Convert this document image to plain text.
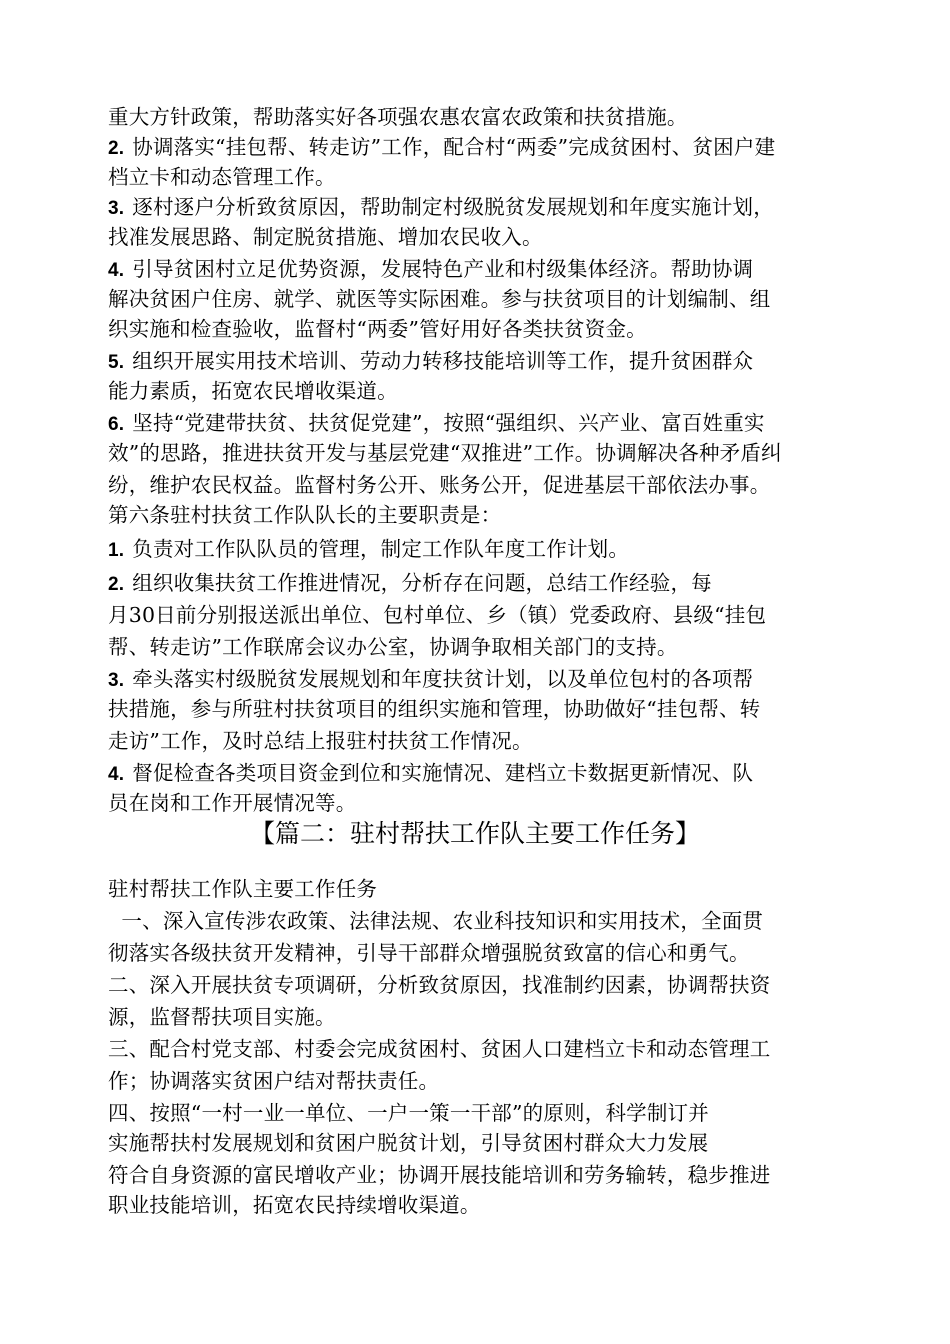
重大方针政策，帮助落实好各项强农惠农富农政策和扶贫措施。
2. 协调落实“挂包帮、转走访”工作，配合村“两委”完成贫困村、贫困户建
档立卡和动态管理工作。
3. 逐村逐户分析致贫原因，帮助制定村级脱贫发展规划和年度实施计划，
找准发展思路、制定脱贫措施、增加农民收入。
4. 引导贫困村立足优势资源，发展特色产业和村级集体经济。帮助协调
解决贫困户住房、就学、就医等实际困难。参与扶贫项目的计划编制、组
织实施和检查验收，监督村“两委”管好用好各类扶贫资金。
5. 组织开展实用技术培训、劳动力转移技能培训等工作，提升贫困群众
能力素质，拓宽农民增收渠道。
6. 坚持“党建带扶贫、扶贫促党建”，按照“强组织、兴产业、富百姓重实
效”的思路，推进扶贫开发与基层党建“双推进”工作。协调解决各种矛盾纠
纷，维护农民权益。监督村务公开、账务公开，促进基层干部依法办事。
第六条驻村扶贫工作队队长的主要职责是：
1. 负责对工作队队员的管理，制定工作队年度工作计划。
2. 组织收集扶贫工作推进情况，分析存在问题，总结工作经验，每
月30日前分别报送派出单位、包村单位、乡（镇）党委政府、县级“挂包
帮、转走访”工作联席会议办公室，协调争取相关部门的支持。
3. 牵头落实村级脱贫发展规划和年度扶贫计划，以及单位包村的各项帮
扶措施，参与所驻村扶贫项目的组织实施和管理，协助做好“挂包帮、转
走访”工作，及时总结上报驻村扶贫工作情况。
4. 督促检查各类项目资金到位和实施情况、建档立卡数据更新情况、队
员在岗和工作开展情况等。
【篇二：驻村帮扶工作队主要工作任务】
驻村帮扶工作队主要工作任务
一、深入宣传涉农政策、法律法规、农业科技知识和实用技术，全面贯
彻落实各级扶贫开发精神，引导干部群众增强脱贫致富的信心和勇气。
二、深入开展扶贫专项调研，分析致贫原因，找准制约因素，协调帮扶资
源，监督帮扶项目实施。
三、配合村党支部、村委会完成贫困村、贫困人口建档立卡和动态管理工
作；协调落实贫困户结对帮扶责任。
四、按照“一村一业一单位、一户一策一干部”的原则，科学制订并
实施帮扶村发展规划和贫困户脱贫计划，引导贫困村群众大力发展
符合自身资源的富民增收产业；协调开展技能培训和劳务输转，稳步推进
职业技能培训，拓宽农民持续增收渠道。
